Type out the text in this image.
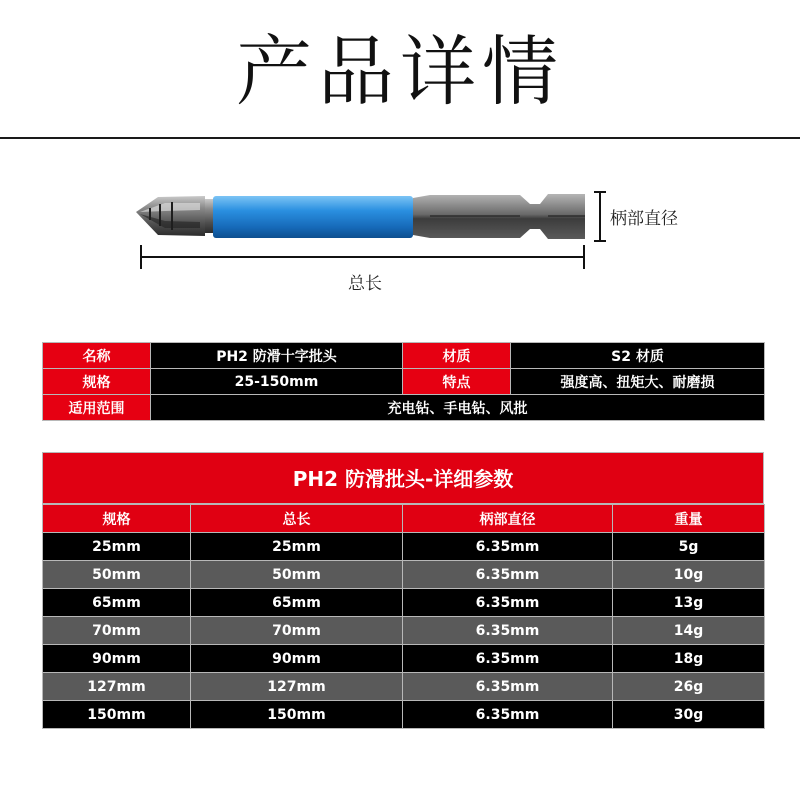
产品详情
柄部直径
总长
名称	PH2 防滑十字批头	材质	S2 材质
规格	25-150mm	特点	强度高、扭矩大、耐磨损
适用范围	充电钻、手电钻、风批		
PH2 防滑批头-详细参数
规格	总长	柄部直径	重量
25mm	25mm	6.35mm	5g
50mm	50mm	6.35mm	10g
65mm	65mm	6.35mm	13g
70mm	70mm	6.35mm	14g
90mm	90mm	6.35mm	18g
127mm	127mm	6.35mm	26g
150mm	150mm	6.35mm	30g
